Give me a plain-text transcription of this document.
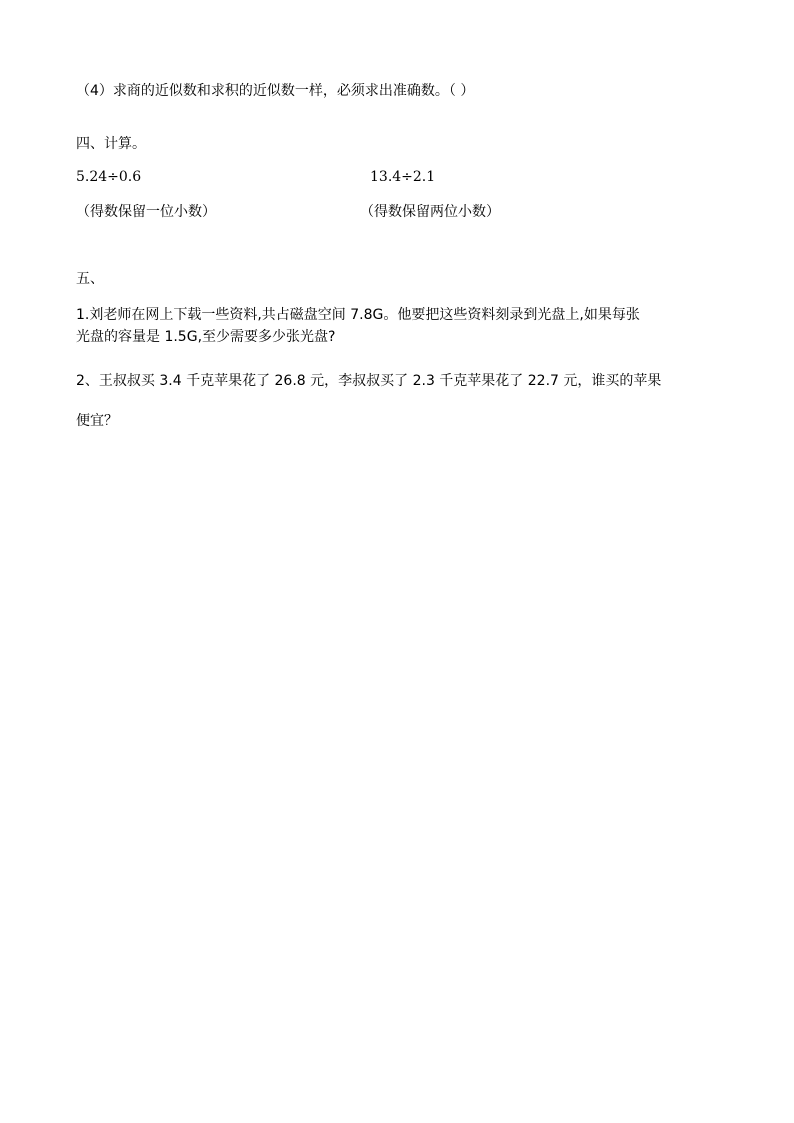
（4）求商的近似数和求积的近似数一样，必须求出准确数。（ ）
四、计算。
5.24÷0.6	13.4÷2.1
（得数保留一位小数）	（得数保留两位小数）
五、
1.刘老师在网上下载一些资料,共占磁盘空间 7.8G。他要把这些资料刻录到光盘上,如果每张
光盘的容量是 1.5G,至少需要多少张光盘?
2、王叔叔买 3.4 千克苹果花了 26.8 元，李叔叔买了 2.3 千克苹果花了 22.7 元，谁买的苹果
便宜？
